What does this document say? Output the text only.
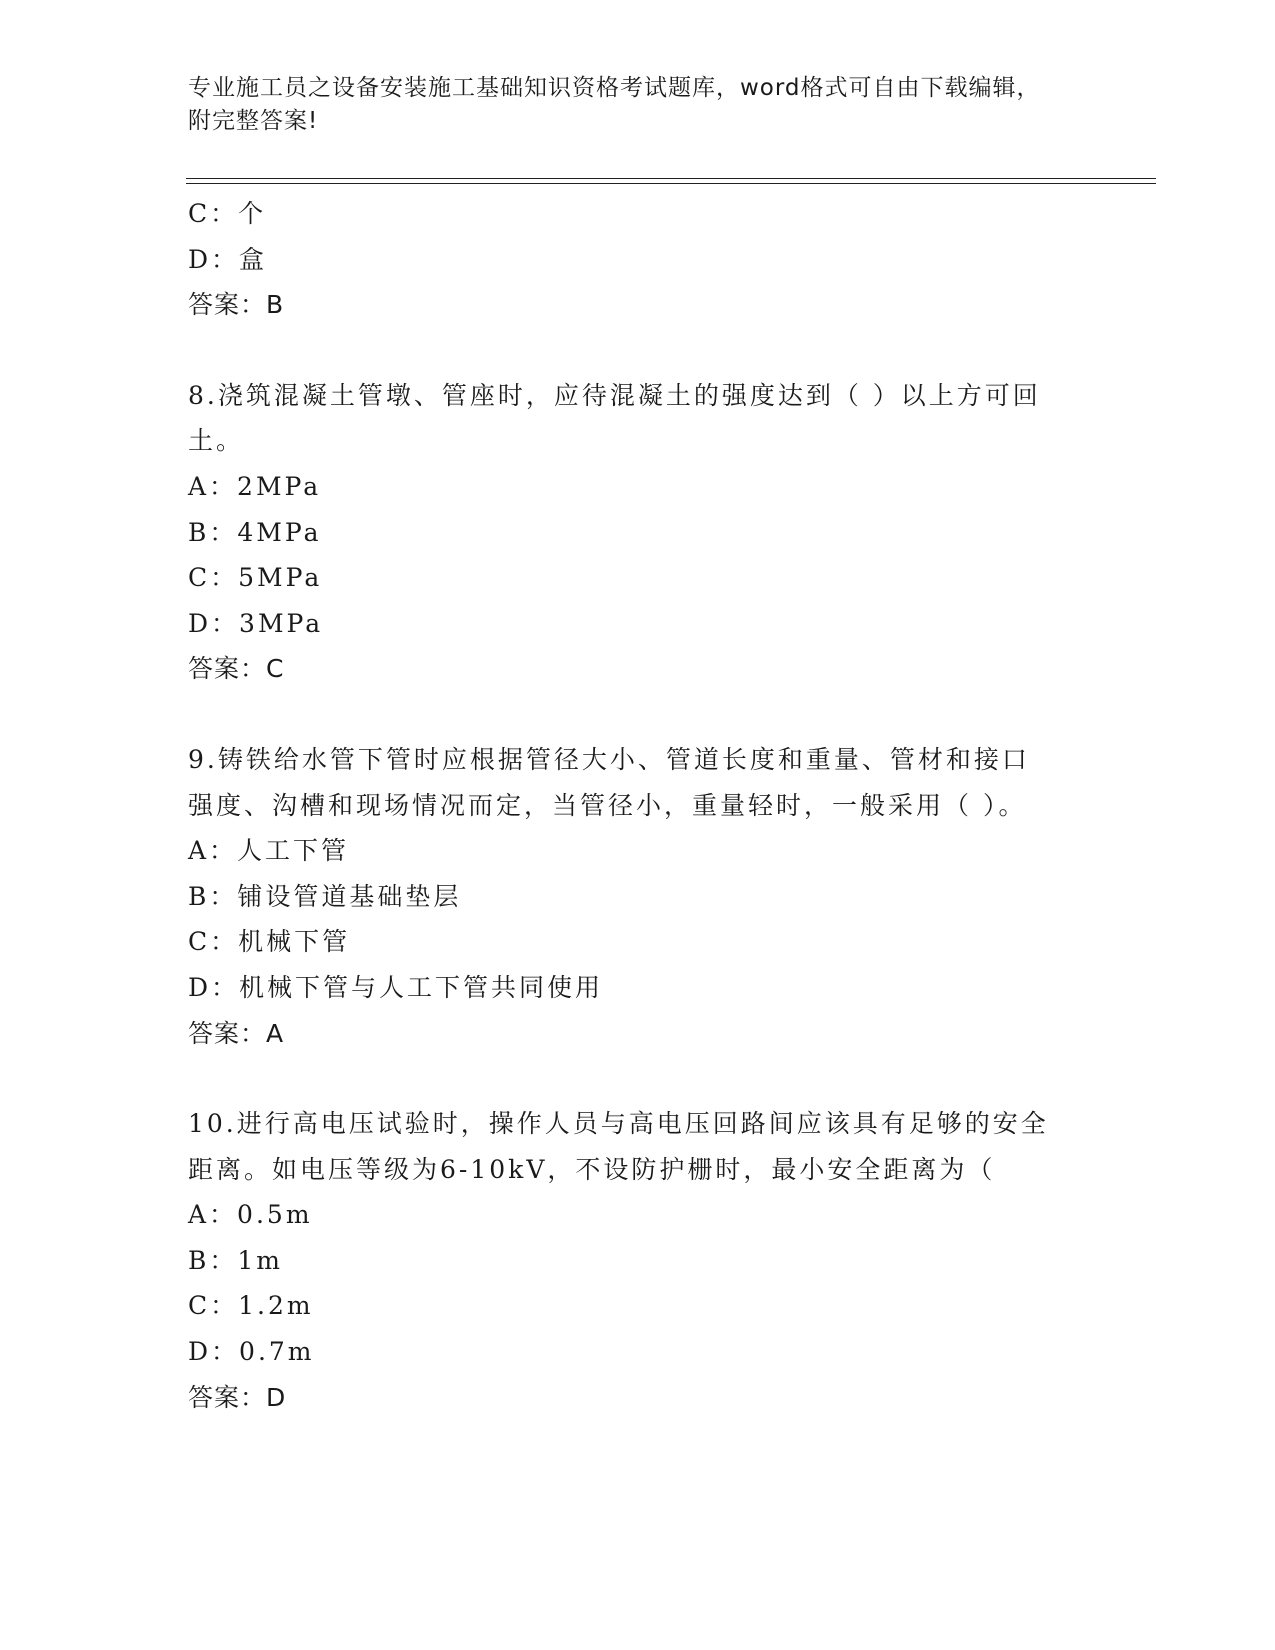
专业施工员之设备安装施工基础知识资格考试题库，word格式可自由下载编辑，
附完整答案!
C：个
D：盒
答案：B
8.浇筑混凝土管墩、管座时，应待混凝土的强度达到（ ）以上方可回
土。
A：2MPa
B：4MPa
C：5MPa
D：3MPa
答案：C
9.铸铁给水管下管时应根据管径大小、管道长度和重量、管材和接口
强度、沟槽和现场情况而定，当管径小，重量轻时，一般采用（ ）。
A：人工下管
B：铺设管道基础垫层
C：机械下管
D：机械下管与人工下管共同使用
答案：A
10.进行高电压试验时，操作人员与高电压回路间应该具有足够的安全
距离。如电压等级为6-10kV，不设防护栅时，最小安全距离为（
A：0.5m
B：1m
C：1.2m
D：0.7m
答案：D
